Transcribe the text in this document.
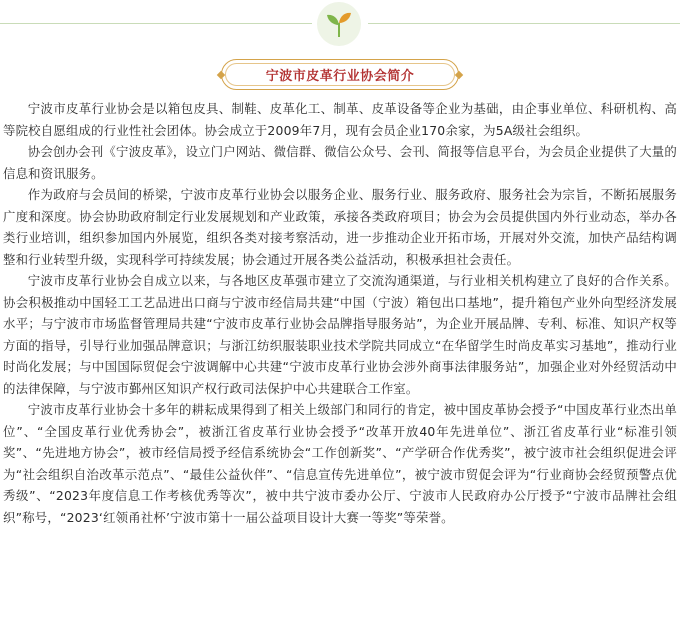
宁波市皮革行业协会简介

宁波市皮革行业协会是以箱包皮具、制鞋、皮革化工、制革、皮革设备等企业为基础，由企事业单位、科研机构、高等院校自愿组成的行业性社会团体。协会成立于2009年7月，现有会员企业170余家，为5A级社会组织。

协会创办会刊《宁波皮革》，设立门户网站、微信群、微信公众号、会刊、简报等信息平台，为会员企业提供了大量的信息和资讯服务。

作为政府与会员间的桥梁，宁波市皮革行业协会以服务企业、服务行业、服务政府、服务社会为宗旨，不断拓展服务广度和深度。协会协助政府制定行业发展规划和产业政策，承接各类政府项目；协会为会员提供国内外行业动态，举办各类行业培训，组织参加国内外展览，组织各类对接考察活动，进一步推动企业开拓市场，开展对外交流，加快产品结构调整和行业转型升级，实现科学可持续发展；协会通过开展各类公益活动，积极承担社会责任。

宁波市皮革行业协会自成立以来，与各地区皮革强市建立了交流沟通渠道，与行业相关机构建立了良好的合作关系。协会积极推动中国轻工工艺品进出口商与宁波市经信局共建“中国（宁波）箱包出口基地”，提升箱包产业外向型经济发展水平；与宁波市市场监督管理局共建“宁波市皮革行业协会品牌指导服务站”，为企业开展品牌、专利、标准、知识产权等方面的指导，引导行业加强品牌意识；与浙江纺织服装职业技术学院共同成立“在华留学生时尚皮革实习基地”，推动行业时尚化发展；与中国国际贸促会宁波调解中心共建“宁波市皮革行业协会涉外商事法律服务站”，加强企业对外经贸活动中的法律保障，与宁波市鄞州区知识产权行政司法保护中心共建联合工作室。

宁波市皮革行业协会十多年的耕耘成果得到了相关上级部门和同行的肯定，被中国皮革协会授予“中国皮革行业杰出单位”、“全国皮革行业优秀协会”，被浙江省皮革行业协会授予“改革开放40年先进单位”、浙江省皮革行业“标准引领奖”、“先进地方协会”，被市经信局授予经信系统协会“工作创新奖”、“产学研合作优秀奖”，被宁波市社会组织促进会评为“社会组织自治改革示范点”、“最佳公益伙伴”、“信息宣传先进单位”，被宁波市贸促会评为“行业商协会经贸预警点优秀级”、“2023年度信息工作考核优秀等次”，被中共宁波市委办公厅、宁波市人民政府办公厅授予“宁波市品牌社会组织”称号，“2023‘红领甬社杯’宁波市第十一届公益项目设计大赛一等奖”等荣誉。
